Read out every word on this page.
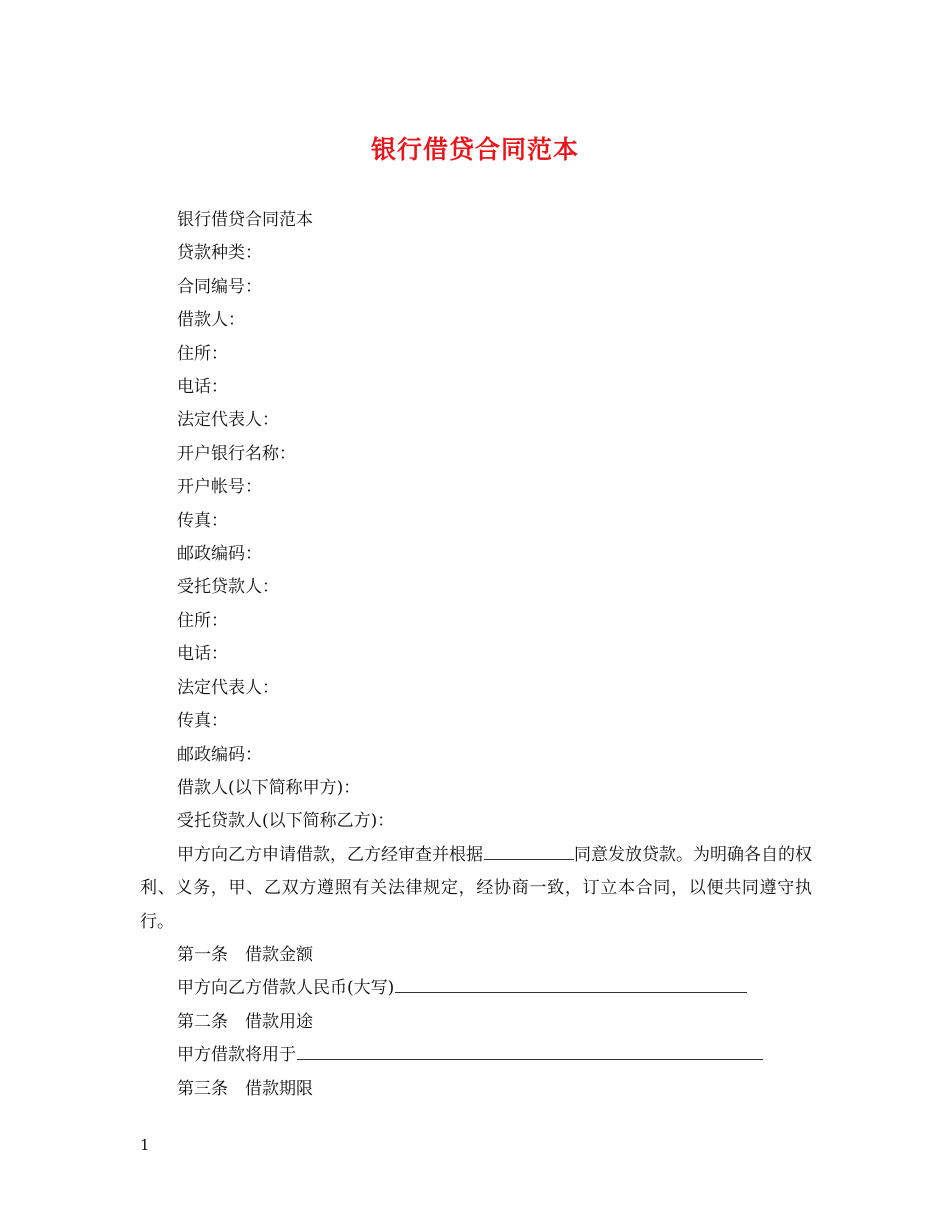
银行借贷合同范本
银行借贷合同范本
贷款种类：
合同编号：
借款人：
住所：
电话：
法定代表人：
开户银行名称：
开户帐号：
传真：
邮政编码：
受托贷款人：
住所：
电话：
法定代表人：
传真：
邮政编码：
借款人(以下简称甲方)：
受托贷款人(以下简称乙方)：
甲方向乙方申请借款，乙方经审查并根据	同意发放贷款。为明确各自的权利、义务，甲、乙双方遵照有关法律规定，经协商一致，订立本合同，以便共同遵守执行。
第一条　借款金额
甲方向乙方借款人民币(大写)
第二条　借款用途
甲方借款将用于
第三条　借款期限
1
